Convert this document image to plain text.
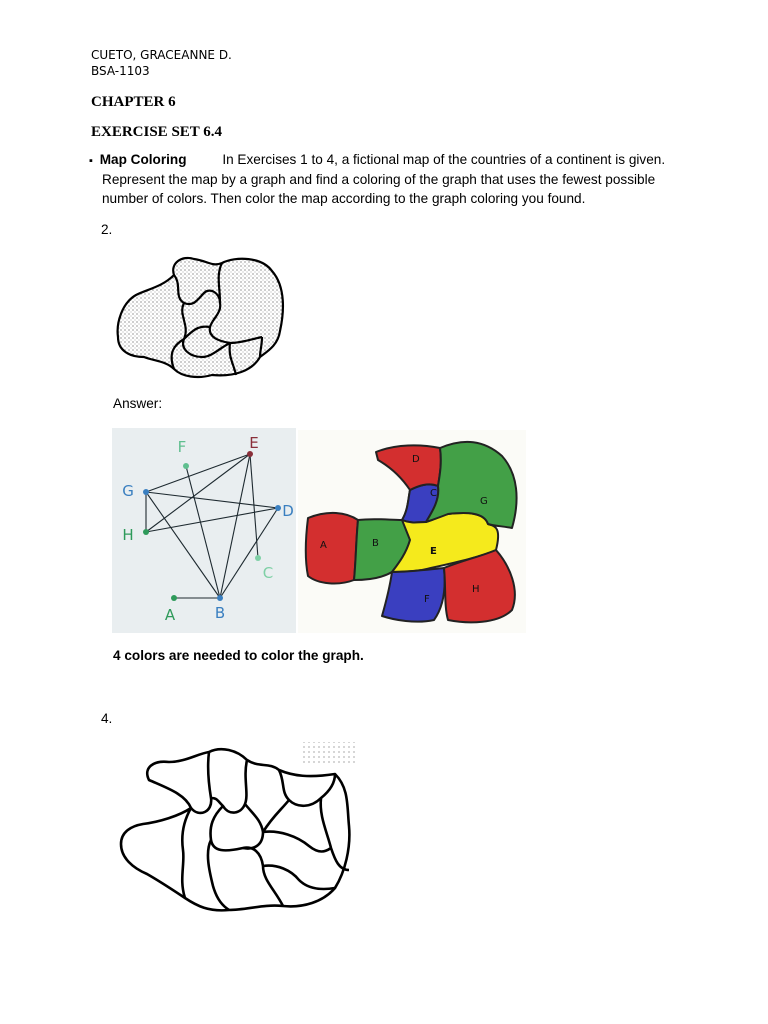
CUETO, GRACEANNE D.
BSA-1103
CHAPTER 6
EXERCISE SET 6.4
▪ Map Coloring	In Exercises 1 to 4, a fictional map of the countries of a continent is given.
Represent the map by a graph and find a coloring of the graph that uses the fewest possible
number of colors. Then color the map according to the graph coloring you found.
2.
Answer:
F	E
G
H
D
C
A	B
A	B
C
D
E
F
G
H
4 colors are needed to color the graph.
4.
